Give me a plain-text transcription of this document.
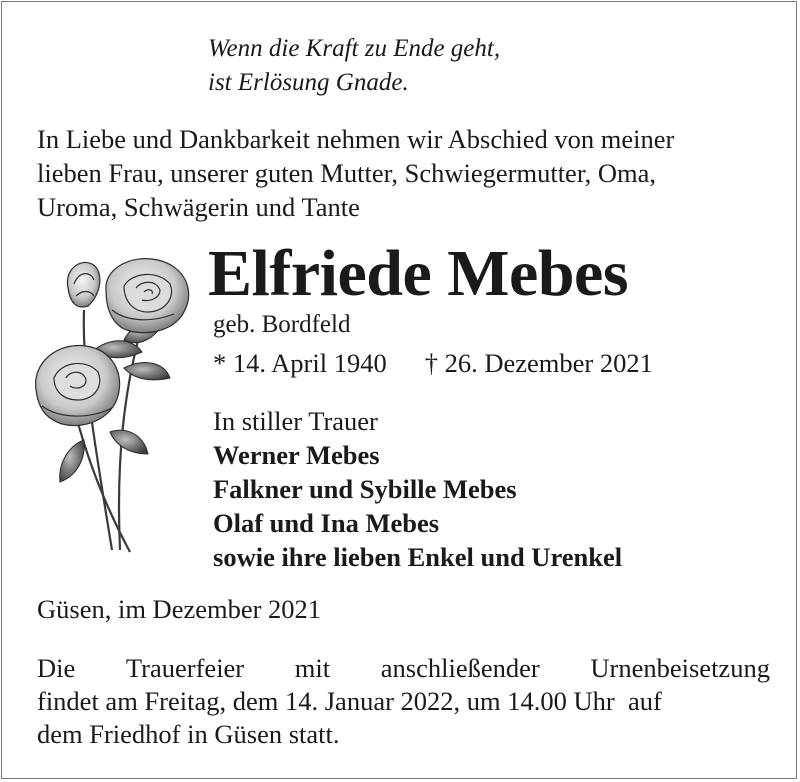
Wenn die Kraft zu Ende geht,
ist Erlösung Gnade.
In Liebe und Dankbarkeit nehmen wir Abschied von meiner
lieben Frau, unserer guten Mutter, Schwiegermutter, Oma,
Uroma, Schwägerin und Tante
Elfriede Mebes
geb. Bordfeld
* 14. April 1940 † 26. Dezember 2021
In stiller Trauer
Werner Mebes
Falkner und Sybille Mebes
Olaf und Ina Mebes
sowie ihre lieben Enkel und Urenkel
Güsen, im Dezember 2021
Die Trauerfeier mit anschließender Urnenbeisetzung
findet am Freitag, dem 14. Januar 2022, um 14.00 Uhr  auf
dem Friedhof in Güsen statt.
